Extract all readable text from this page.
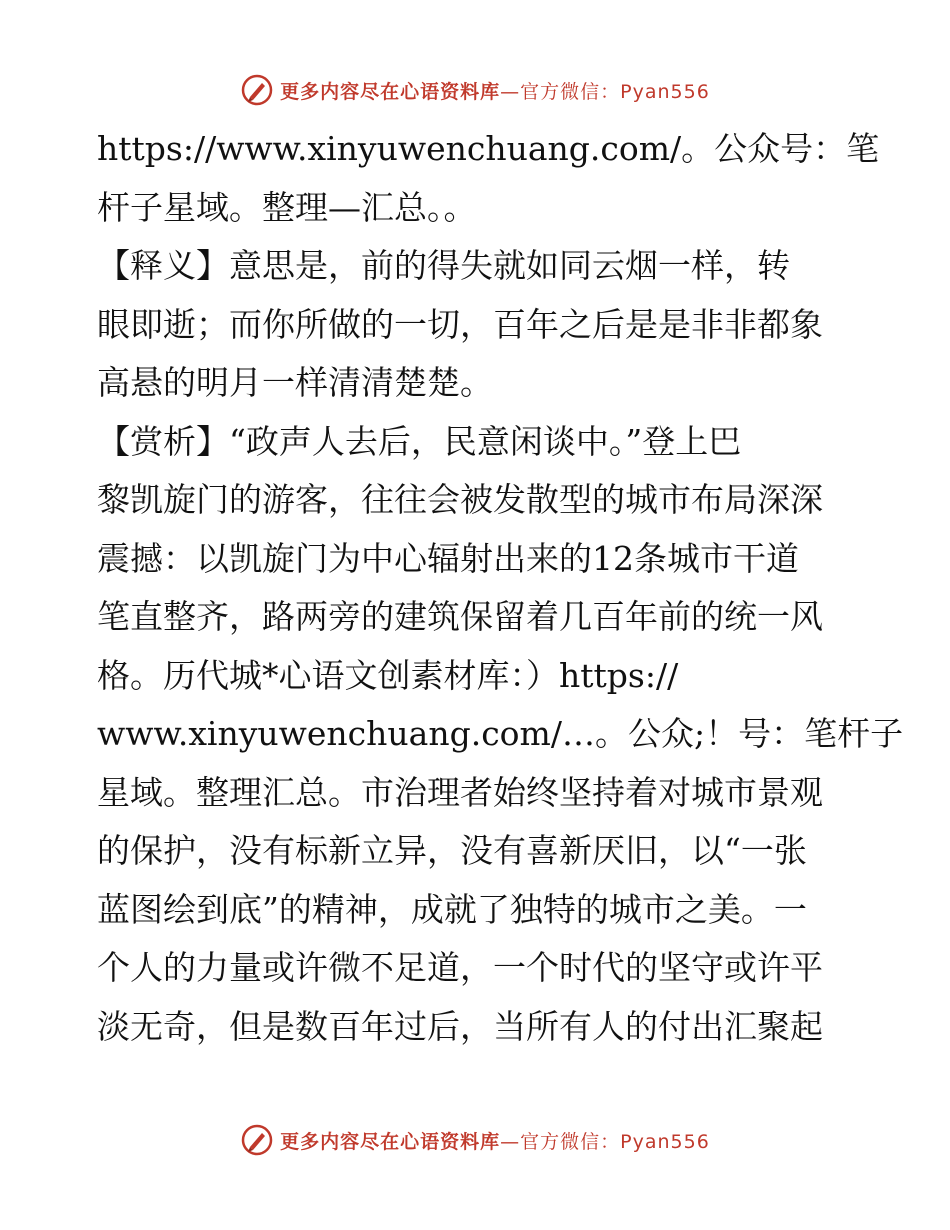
更多内容尽在心语资料库—官方微信：Pyan556
https://www.xinyuwenchuang.com/。公众号：笔
杆子星域。整理—汇总。。
【释义】意思是，前的得失就如同云烟一样，转
眼即逝；而你所做的一切，百年之后是是非非都象
高悬的明月一样清清楚楚。
【赏析】“政声人去后，民意闲谈中。”登上巴
黎凯旋门的游客，往往会被发散型的城市布局深深
震撼：以凯旋门为中心辐射出来的12条城市干道
笔直整齐，路两旁的建筑保留着几百年前的统一风
格。历代城*心语文创素材库：）https://
www.xinyuwenchuang.com/…。公众;！号：笔杆子
星域。整理汇总。市治理者始终坚持着对城市景观
的保护，没有标新立异，没有喜新厌旧，以“一张
蓝图绘到底”的精神，成就了独特的城市之美。一
个人的力量或许微不足道，一个时代的坚守或许平
淡无奇，但是数百年过后，当所有人的付出汇聚起
更多内容尽在心语资料库—官方微信：Pyan556
